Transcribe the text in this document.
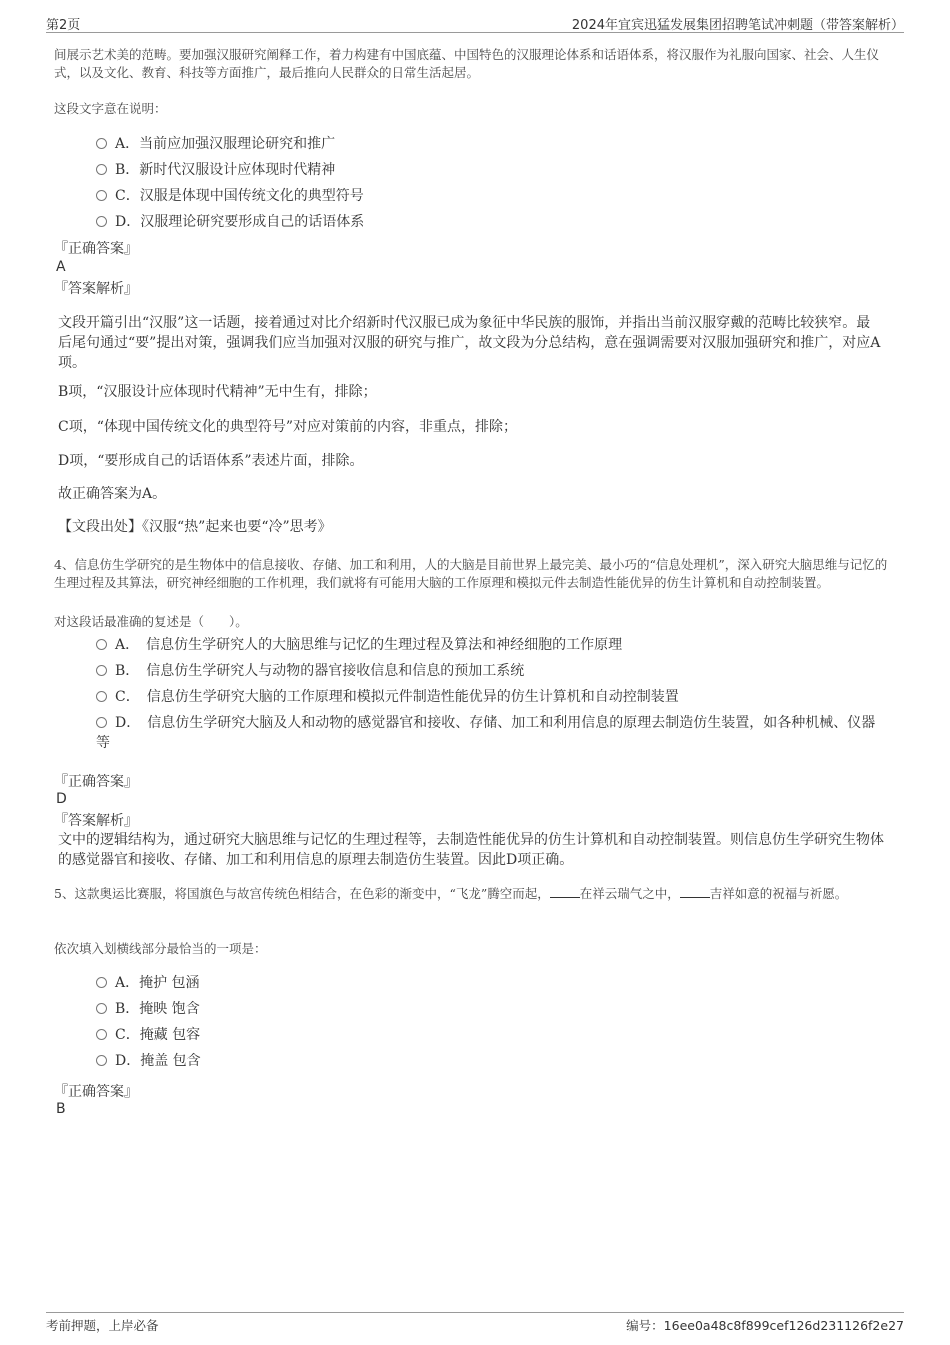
第2页	2024年宜宾迅猛发展集团招聘笔试冲刺题（带答案解析）
间展示艺术美的范畴。要加强汉服研究阐释工作，着力构建有中国底蕴、中国特色的汉服理论体系和话语体系，将汉服作为礼服向国家、社会、人生仪式，以及文化、教育、科技等方面推广，最后推向人民群众的日常生活起居。
这段文字意在说明：
A．当前应加强汉服理论研究和推广
B．新时代汉服设计应体现时代精神
C．汉服是体现中国传统文化的典型符号
D．汉服理论研究要形成自己的话语体系
『正确答案』
A
『答案解析』
文段开篇引出“汉服”这一话题，接着通过对比介绍新时代汉服已成为象征中华民族的服饰，并指出当前汉服穿戴的范畴比较狭窄。最后尾句通过“要”提出对策，强调我们应当加强对汉服的研究与推广，故文段为分总结构，意在强调需要对汉服加强研究和推广，对应A项。
B项，“汉服设计应体现时代精神”无中生有，排除；
C项，“体现中国传统文化的典型符号”对应对策前的内容，非重点，排除；
D项，“要形成自己的话语体系”表述片面，排除。
故正确答案为A。
【文段出处】《汉服“热”起来也要“冷”思考》
4、信息仿生学研究的是生物体中的信息接收、存储、加工和利用，人的大脑是目前世界上最完美、最小巧的“信息处理机”，深入研究大脑思维与记忆的生理过程及其算法，研究神经细胞的工作机理，我们就将有可能用大脑的工作原理和模拟元件去制造性能优异的仿生计算机和自动控制装置。
对这段话最准确的复述是（　　）。
A．　信息仿生学研究人的大脑思维与记忆的生理过程及算法和神经细胞的工作原理
B．　信息仿生学研究人与动物的器官接收信息和信息的预加工系统
C．　信息仿生学研究大脑的工作原理和模拟元件制造性能优异的仿生计算机和自动控制装置
D．　信息仿生学研究大脑及人和动物的感觉器官和接收、存储、加工和利用信息的原理去制造仿生装置，如各种机械、仪器等
『正确答案』
D
『答案解析』
文中的逻辑结构为，通过研究大脑思维与记忆的生理过程等，去制造性能优异的仿生计算机和自动控制装置。则信息仿生学研究生物体的感觉器官和接收、存储、加工和利用信息的原理去制造仿生装置。因此D项正确。
5、这款奥运比赛服，将国旗色与故宫传统色相结合，在色彩的渐变中，“飞龙”腾空而起， 在祥云瑞气之中， 吉祥如意的祝福与祈愿。
依次填入划横线部分最恰当的一项是：
A．掩护 包涵
B．掩映 饱含
C．掩藏 包容
D．掩盖 包含
『正确答案』
B
考前押题，上岸必备	编号：16ee0a48c8f899cef126d231126f2e27
